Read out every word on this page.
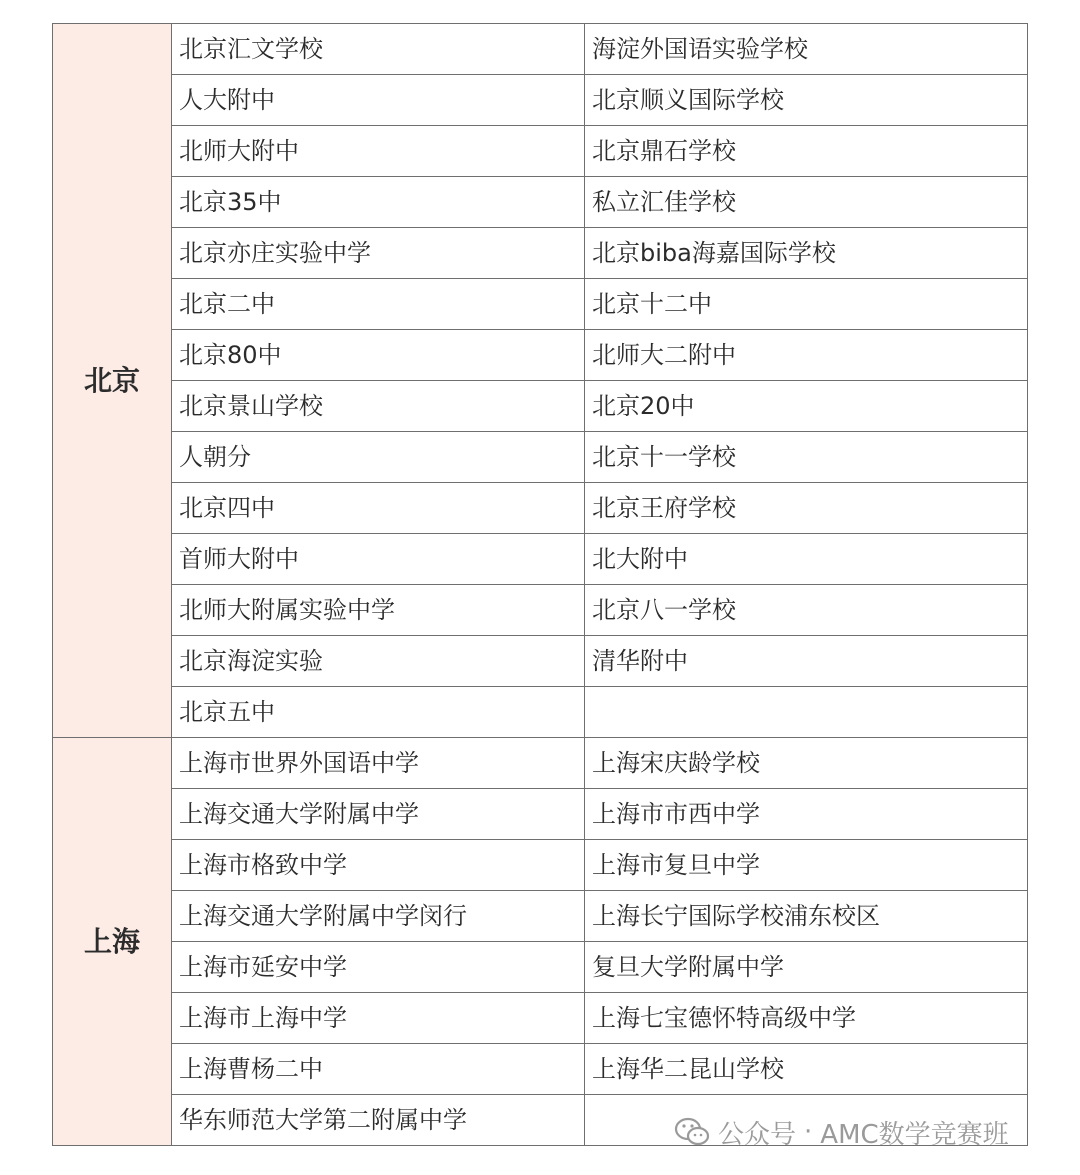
北京	北京汇文学校	海淀外国语实验学校
	人大附中	北京顺义国际学校
	北师大附中	北京鼎石学校
	北京35中	私立汇佳学校
	北京亦庄实验中学	北京biba海嘉国际学校
	北京二中	北京十二中
	北京80中	北师大二附中
	北京景山学校	北京20中
	人朝分	北京十一学校
	北京四中	北京王府学校
	首师大附中	北大附中
	北师大附属实验中学	北京八一学校
	北京海淀实验	清华附中
	北京五中	
上海	上海市世界外国语中学	上海宋庆龄学校
	上海交通大学附属中学	上海市市西中学
	上海市格致中学	上海市复旦中学
	上海交通大学附属中学闵行	上海长宁国际学校浦东校区
	上海市延安中学	复旦大学附属中学
	上海市上海中学	上海七宝德怀特高级中学
	上海曹杨二中	上海华二昆山学校
	华东师范大学第二附属中学		公众号 · AMC数学竞赛班
